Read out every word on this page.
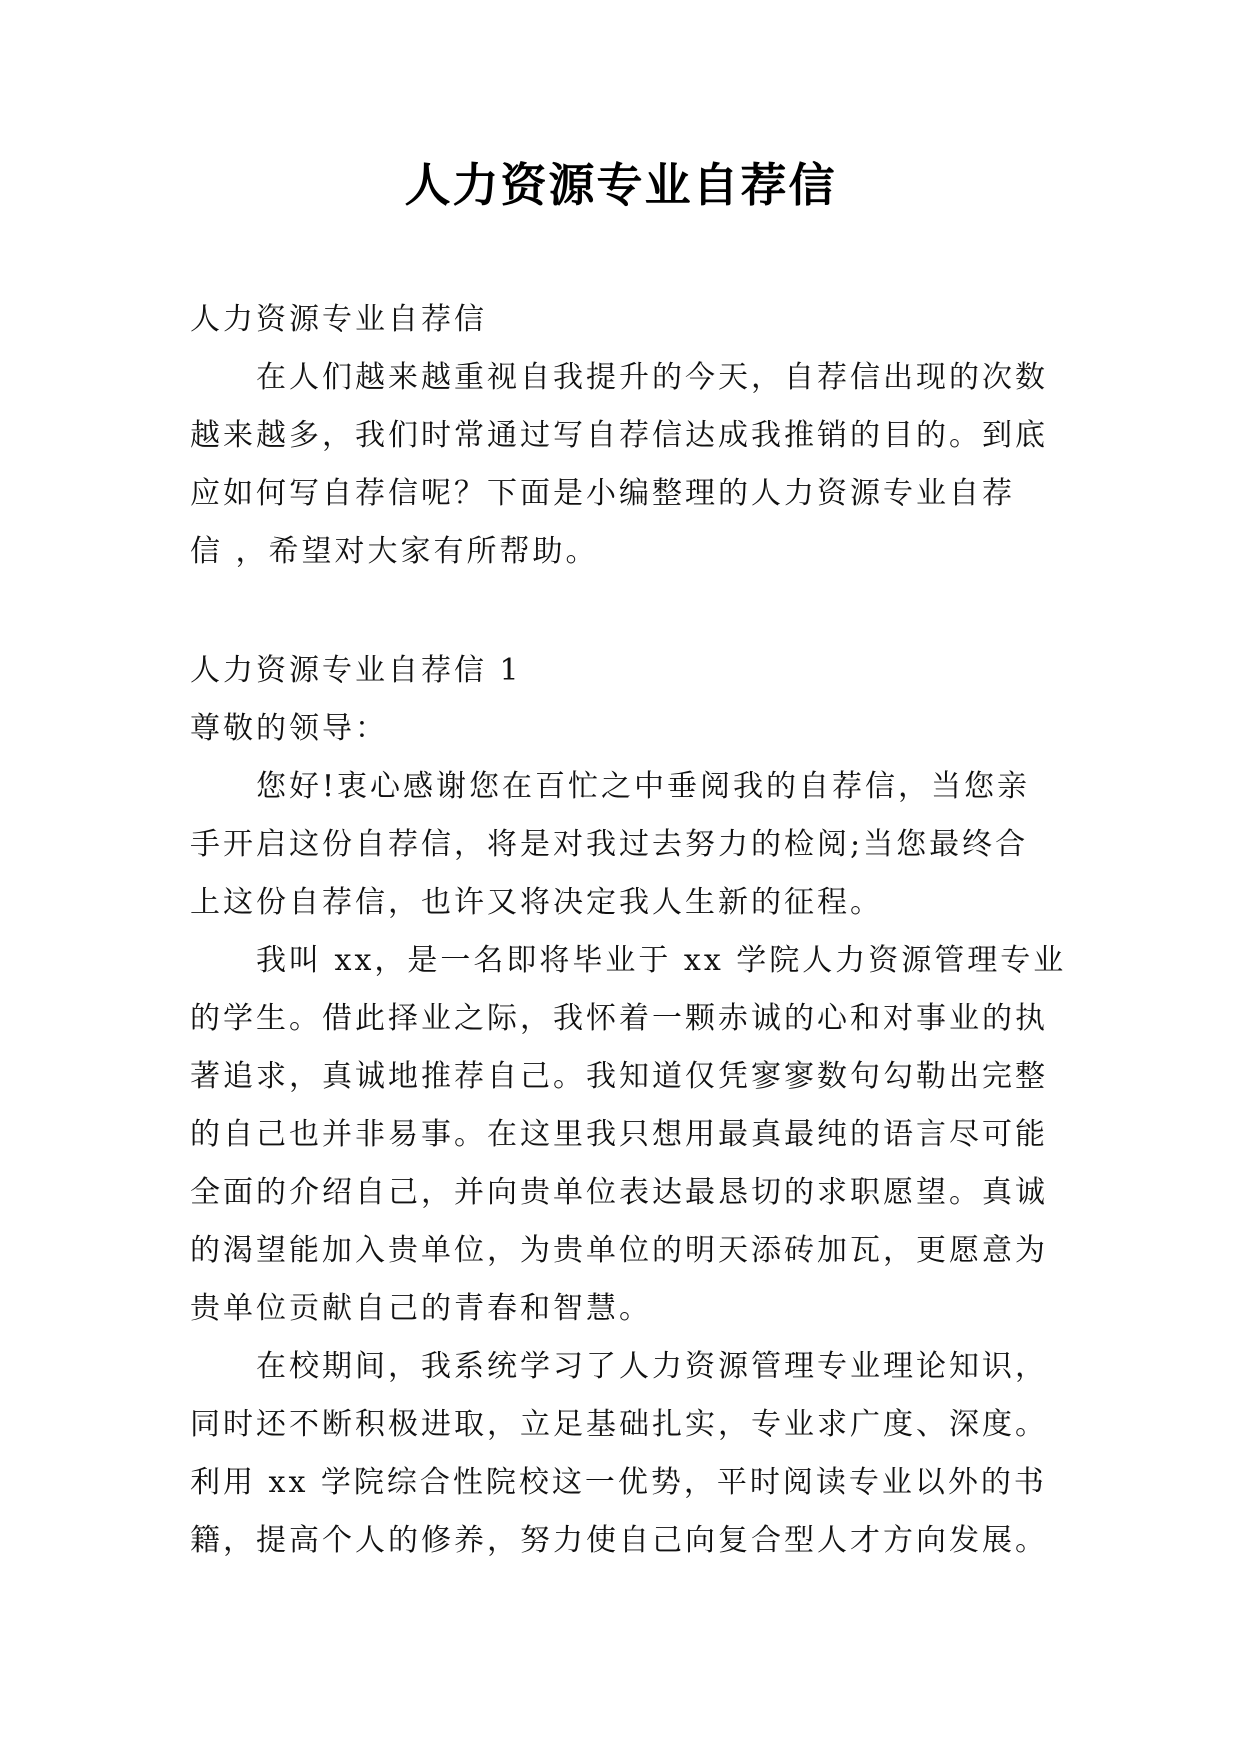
人力资源专业自荐信
人力资源专业自荐信
在人们越来越重视自我提升的今天，自荐信出现的次数
越来越多，我们时常通过写自荐信达成我推销的目的。到底
应如何写自荐信呢？下面是小编整理的人力资源专业自荐
信 ，希望对大家有所帮助。
人力资源专业自荐信 1
尊敬的领导：
您好!衷心感谢您在百忙之中垂阅我的自荐信，当您亲
手开启这份自荐信，将是对我过去努力的检阅;当您最终合
上这份自荐信，也许又将决定我人生新的征程。
我叫 xx，是一名即将毕业于 xx 学院人力资源管理专业
的学生。借此择业之际，我怀着一颗赤诚的心和对事业的执
著追求，真诚地推荐自己。我知道仅凭寥寥数句勾勒出完整
的自己也并非易事。在这里我只想用最真最纯的语言尽可能
全面的介绍自己，并向贵单位表达最恳切的求职愿望。真诚
的渴望能加入贵单位，为贵单位的明天添砖加瓦，更愿意为
贵单位贡献自己的青春和智慧。
在校期间，我系统学习了人力资源管理专业理论知识，
同时还不断积极进取，立足基础扎实，专业求广度、深度。
利用 xx 学院综合性院校这一优势，平时阅读专业以外的书
籍，提高个人的修养，努力使自己向复合型人才方向发展。
